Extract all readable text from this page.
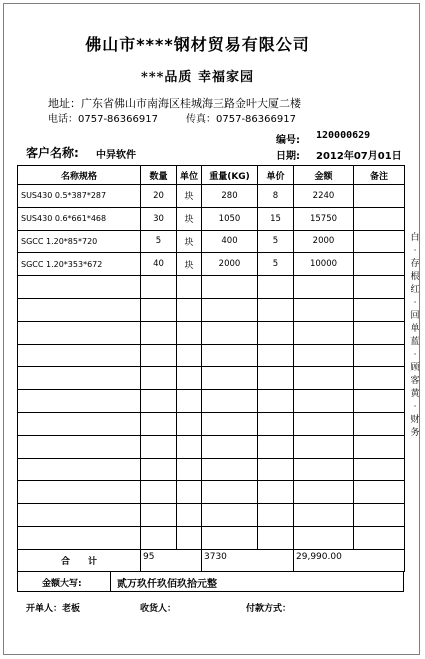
佛山市****钢材贸易有限公司
***品质 幸福家园
地址：广东省佛山市南海区桂城海三路金叶大厦二楼
电话：0757-86366917	传真：0757-86366917
编号: 120000629
日期: 2012年07月01日
客户名称: 中异软件
名称规格	数量	单位	重量(KG)	单价	金额	备注
SUS430 0.5*387*287	20	块	280	8	2240	
SUS430 0.6*661*468	30	块	1050	15	15750	
SGCC 1.20*85*720	5	块	400	5	2000	
SGCC 1.20*353*672	40	块	2000	5	10000	

合计	95		3730		29,990.00	
金额大写:	贰万玖仟玖佰玖拾元整
开单人：老板	收货人：	付款方式：
白
·
存
根
红
·
回
单
蓝
·
顾
客
黄
·
财
务
